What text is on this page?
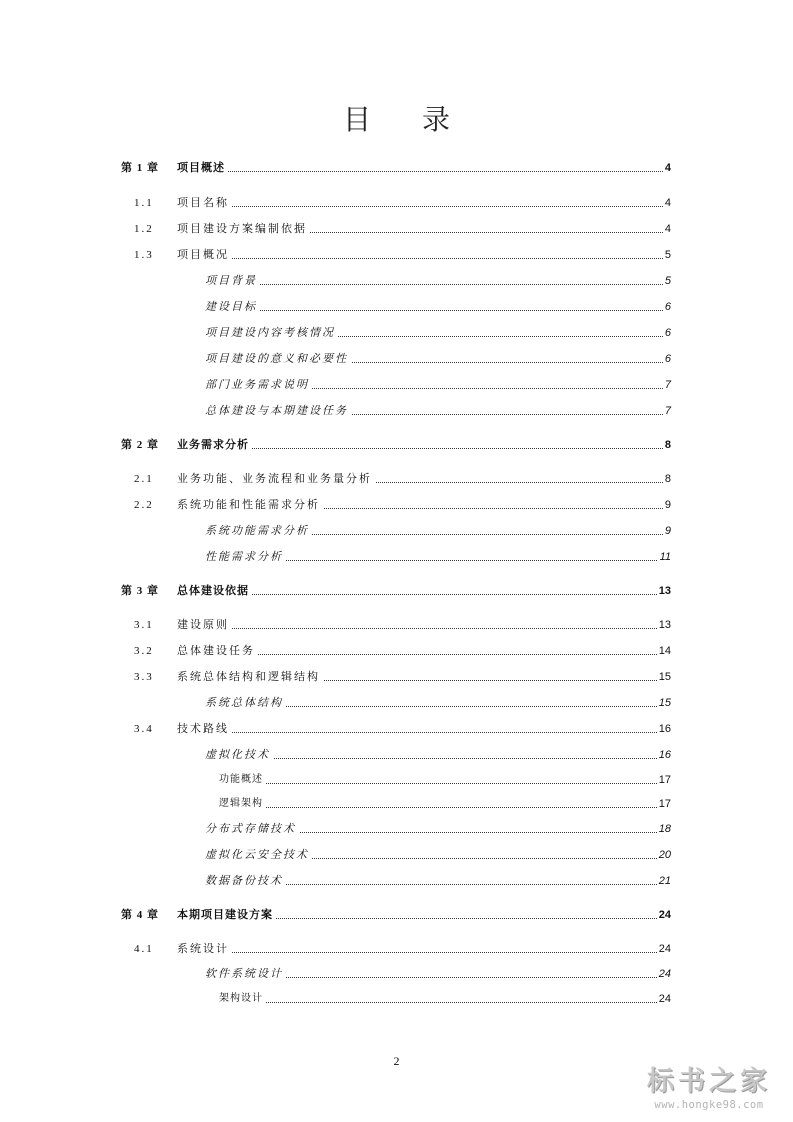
目 录
第 1 章 项目概述	4
1.1 项目名称	4
1.2 项目建设方案编制依据	4
1.3 项目概况	5
项目背景	5
建设目标	6
项目建设内容考核情况	6
项目建设的意义和必要性	6
部门业务需求说明	7
总体建设与本期建设任务	7
第 2 章 业务需求分析	8
2.1 业务功能、业务流程和业务量分析	8
2.2 系统功能和性能需求分析	9
系统功能需求分析	9
性能需求分析	11
第 3 章 总体建设依据	13
3.1 建设原则	13
3.2 总体建设任务	14
3.3 系统总体结构和逻辑结构	15
系统总体结构	15
3.4 技术路线	16
虚拟化技术	16
功能概述	17
逻辑架构	17
分布式存储技术	18
虚拟化云安全技术	20
数据备份技术	21
第 4 章 本期项目建设方案	24
4.1 系统设计	24
软件系统设计	24
架构设计	24
2
标书之家
www.hongke98.com
